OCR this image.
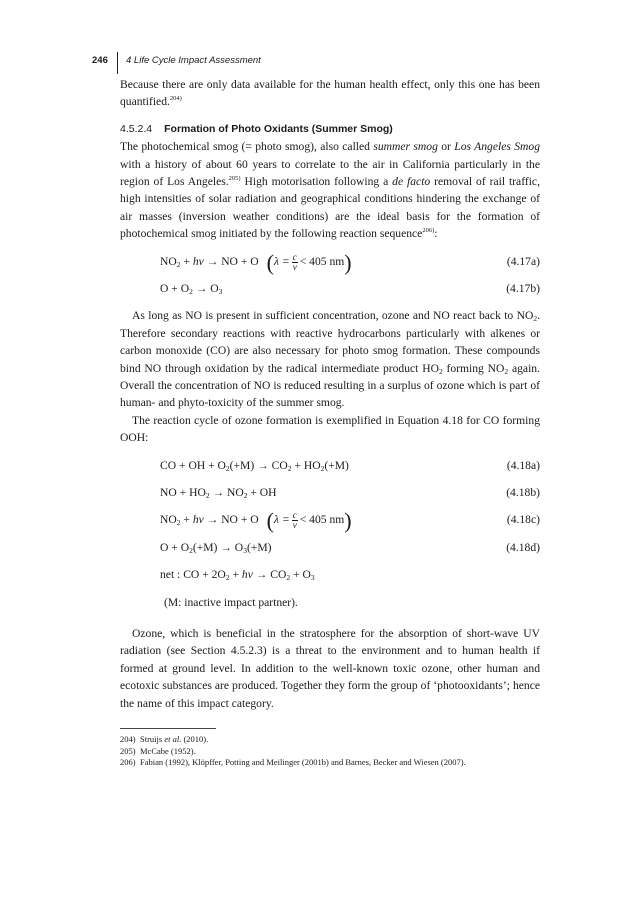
246 4 Life Cycle Impact Assessment

Because there are only data available for the human health effect, only this one has been quantified.$^{204)}$

4.5.2.4 Formation of Photo Oxidants (Summer Smog)

The photochemical smog (= photo smog), also called summer smog or Los Angeles Smog with a history of about 60 years to correlate to the air in California particularly in the region of Los Angeles.$^{205)}$ High motorisation following a de facto removal of rail traffic, high intensities of solar radiation and geographical conditions hindering the exchange of air masses (inversion weather conditions) are the ideal basis for the formation of photochemical smog initiated by the following reaction sequence$^{206)}$:

$NO_2 + h\nu$ → NO + O ($\lambda = \frac{c}{\nu} < 405$ nm)	(4.17a)
$O + O_2 \to O_3$	(4.17b)

As long as NO is present in sufficient concentration, ozone and NO react back to $NO_2$. Therefore secondary reactions with reactive hydrocarbons particularly with alkenes or carbon monoxide (CO) are also necessary for photo smog formation. These compounds bind NO through oxidation by the radical intermediate product $HO_2$ forming $NO_2$ again. Overall the concentration of NO is reduced resulting in a surplus of ozone which is part of human- and phyto-toxicity of the summer smog.

The reaction cycle of ozone formation is exemplified in Equation 4.18 for CO forming OOH:

CO + OH + $O_2(+M) \to CO_2 + HO_2(+M)$	(4.18a)
NO + $HO_2 \to NO_2$ + OH	(4.18b)
$NO_2 + h\nu$ → NO + O ($\lambda = \frac{c}{\nu} < 405$ nm)	(4.18c)
$O + O_2(+M) \to O_3(+M)$	(4.18d)
net : CO + $2O_2 + h\nu \to CO_2 + O_3$

(M: inactive impact partner).

Ozone, which is beneficial in the stratosphere for the absorption of short-wave UV radiation (see Section 4.5.2.3) is a threat to the environment and to human health if formed at ground level. In addition to the well-known toxic ozone, other human and ecotoxic substances are produced. Together they form the group of ‘photooxidants’; hence the name of this impact category.

204) Struijs et al. (2010).
205) McCabe (1952).
206) Fabian (1992), Klöpffer, Potting and Meilinger (2001b) and Barnes, Becker and Wiesen (2007).
